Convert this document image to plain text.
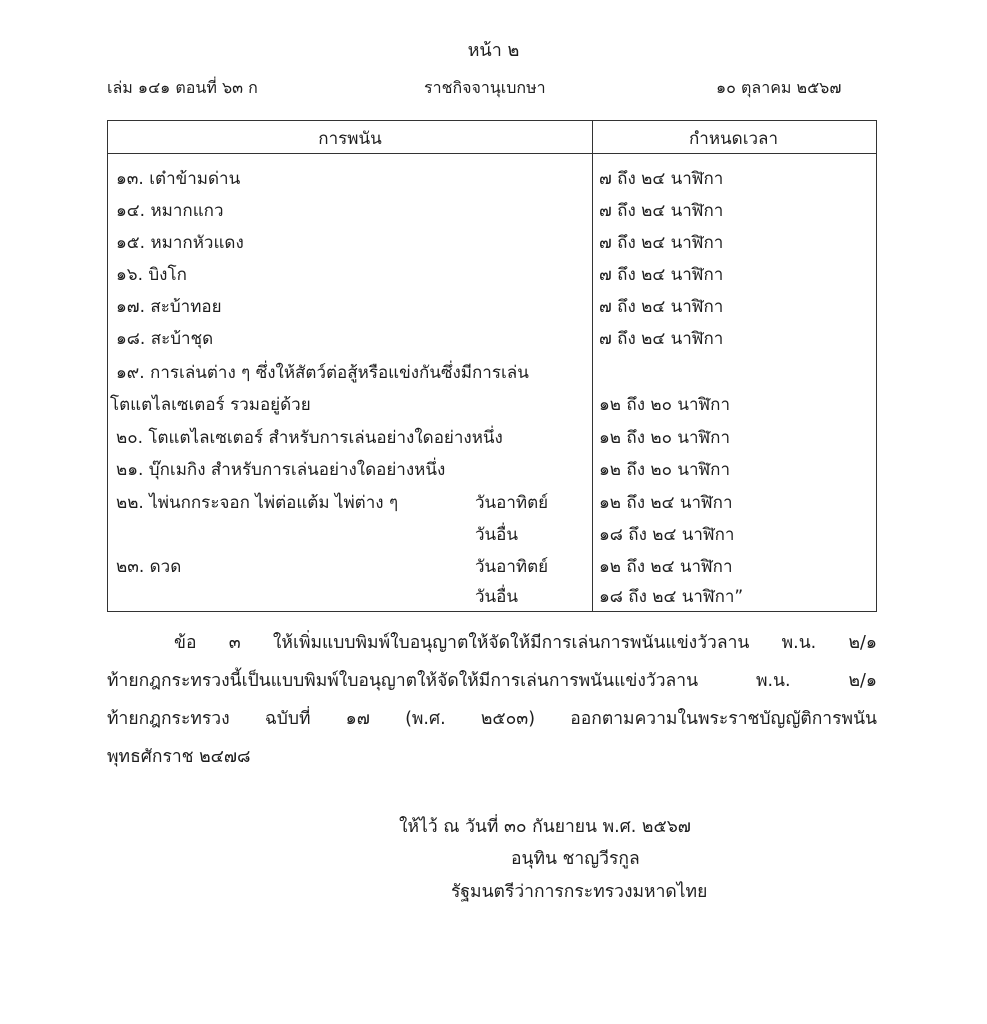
หน้า ๒
เล่ม ๑๔๑ ตอนที่ ๖๓ ก	ราชกิจจานุเบกษา	๑๐ ตุลาคม ๒๕๖๗
การพนัน	กำหนดเวลา
๑๓. เต๋าข้ามด่าน	๗ ถึง ๒๔ นาฬิกา
๑๔. หมากแกว	๗ ถึง ๒๔ นาฬิกา
๑๕. หมากหัวแดง	๗ ถึง ๒๔ นาฬิกา
๑๖. บิงโก	๗ ถึง ๒๔ นาฬิกา
๑๗. สะบ้าทอย	๗ ถึง ๒๔ นาฬิกา
๑๘. สะบ้าชุด	๗ ถึง ๒๔ นาฬิกา
๑๙. การเล่นต่าง ๆ ซึ่งให้สัตว์ต่อสู้หรือแข่งกันซึ่งมีการเล่น
โตแตไลเซเตอร์ รวมอยู่ด้วย	๑๒ ถึง ๒๐ นาฬิกา
๒๐. โตแตไลเซเตอร์ สำหรับการเล่นอย่างใดอย่างหนึ่ง	๑๒ ถึง ๒๐ นาฬิกา
๒๑. บุ๊กเมกิง สำหรับการเล่นอย่างใดอย่างหนึ่ง	๑๒ ถึง ๒๐ นาฬิกา
๒๒. ไพ่นกกระจอก ไพ่ต่อแต้ม ไพ่ต่าง ๆ	วันอาทิตย์	๑๒ ถึง ๒๔ นาฬิกา
วันอื่น	๑๘ ถึง ๒๔ นาฬิกา
๒๓. ดวด	วันอาทิตย์	๑๒ ถึง ๒๔ นาฬิกา
วันอื่น	๑๘ ถึง ๒๔ นาฬิกา”
ข้อ ๓ ให้เพิ่มแบบพิมพ์ใบอนุญาตให้จัดให้มีการเล่นการพนันแข่งวัวลาน พ.น. ๒/๑
ท้ายกฎกระทรวงนี้เป็นแบบพิมพ์ใบอนุญาตให้จัดให้มีการเล่นการพนันแข่งวัวลาน พ.น. ๒/๑
ท้ายกฎกระทรวง ฉบับที่ ๑๗ (พ.ศ. ๒๕๐๓) ออกตามความในพระราชบัญญัติการพนัน
พุทธศักราช ๒๔๗๘
ให้ไว้ ณ วันที่ ๓๐ กันยายน พ.ศ. ๒๕๖๗
อนุทิน ชาญวีรกูล
รัฐมนตรีว่าการกระทรวงมหาดไทย
